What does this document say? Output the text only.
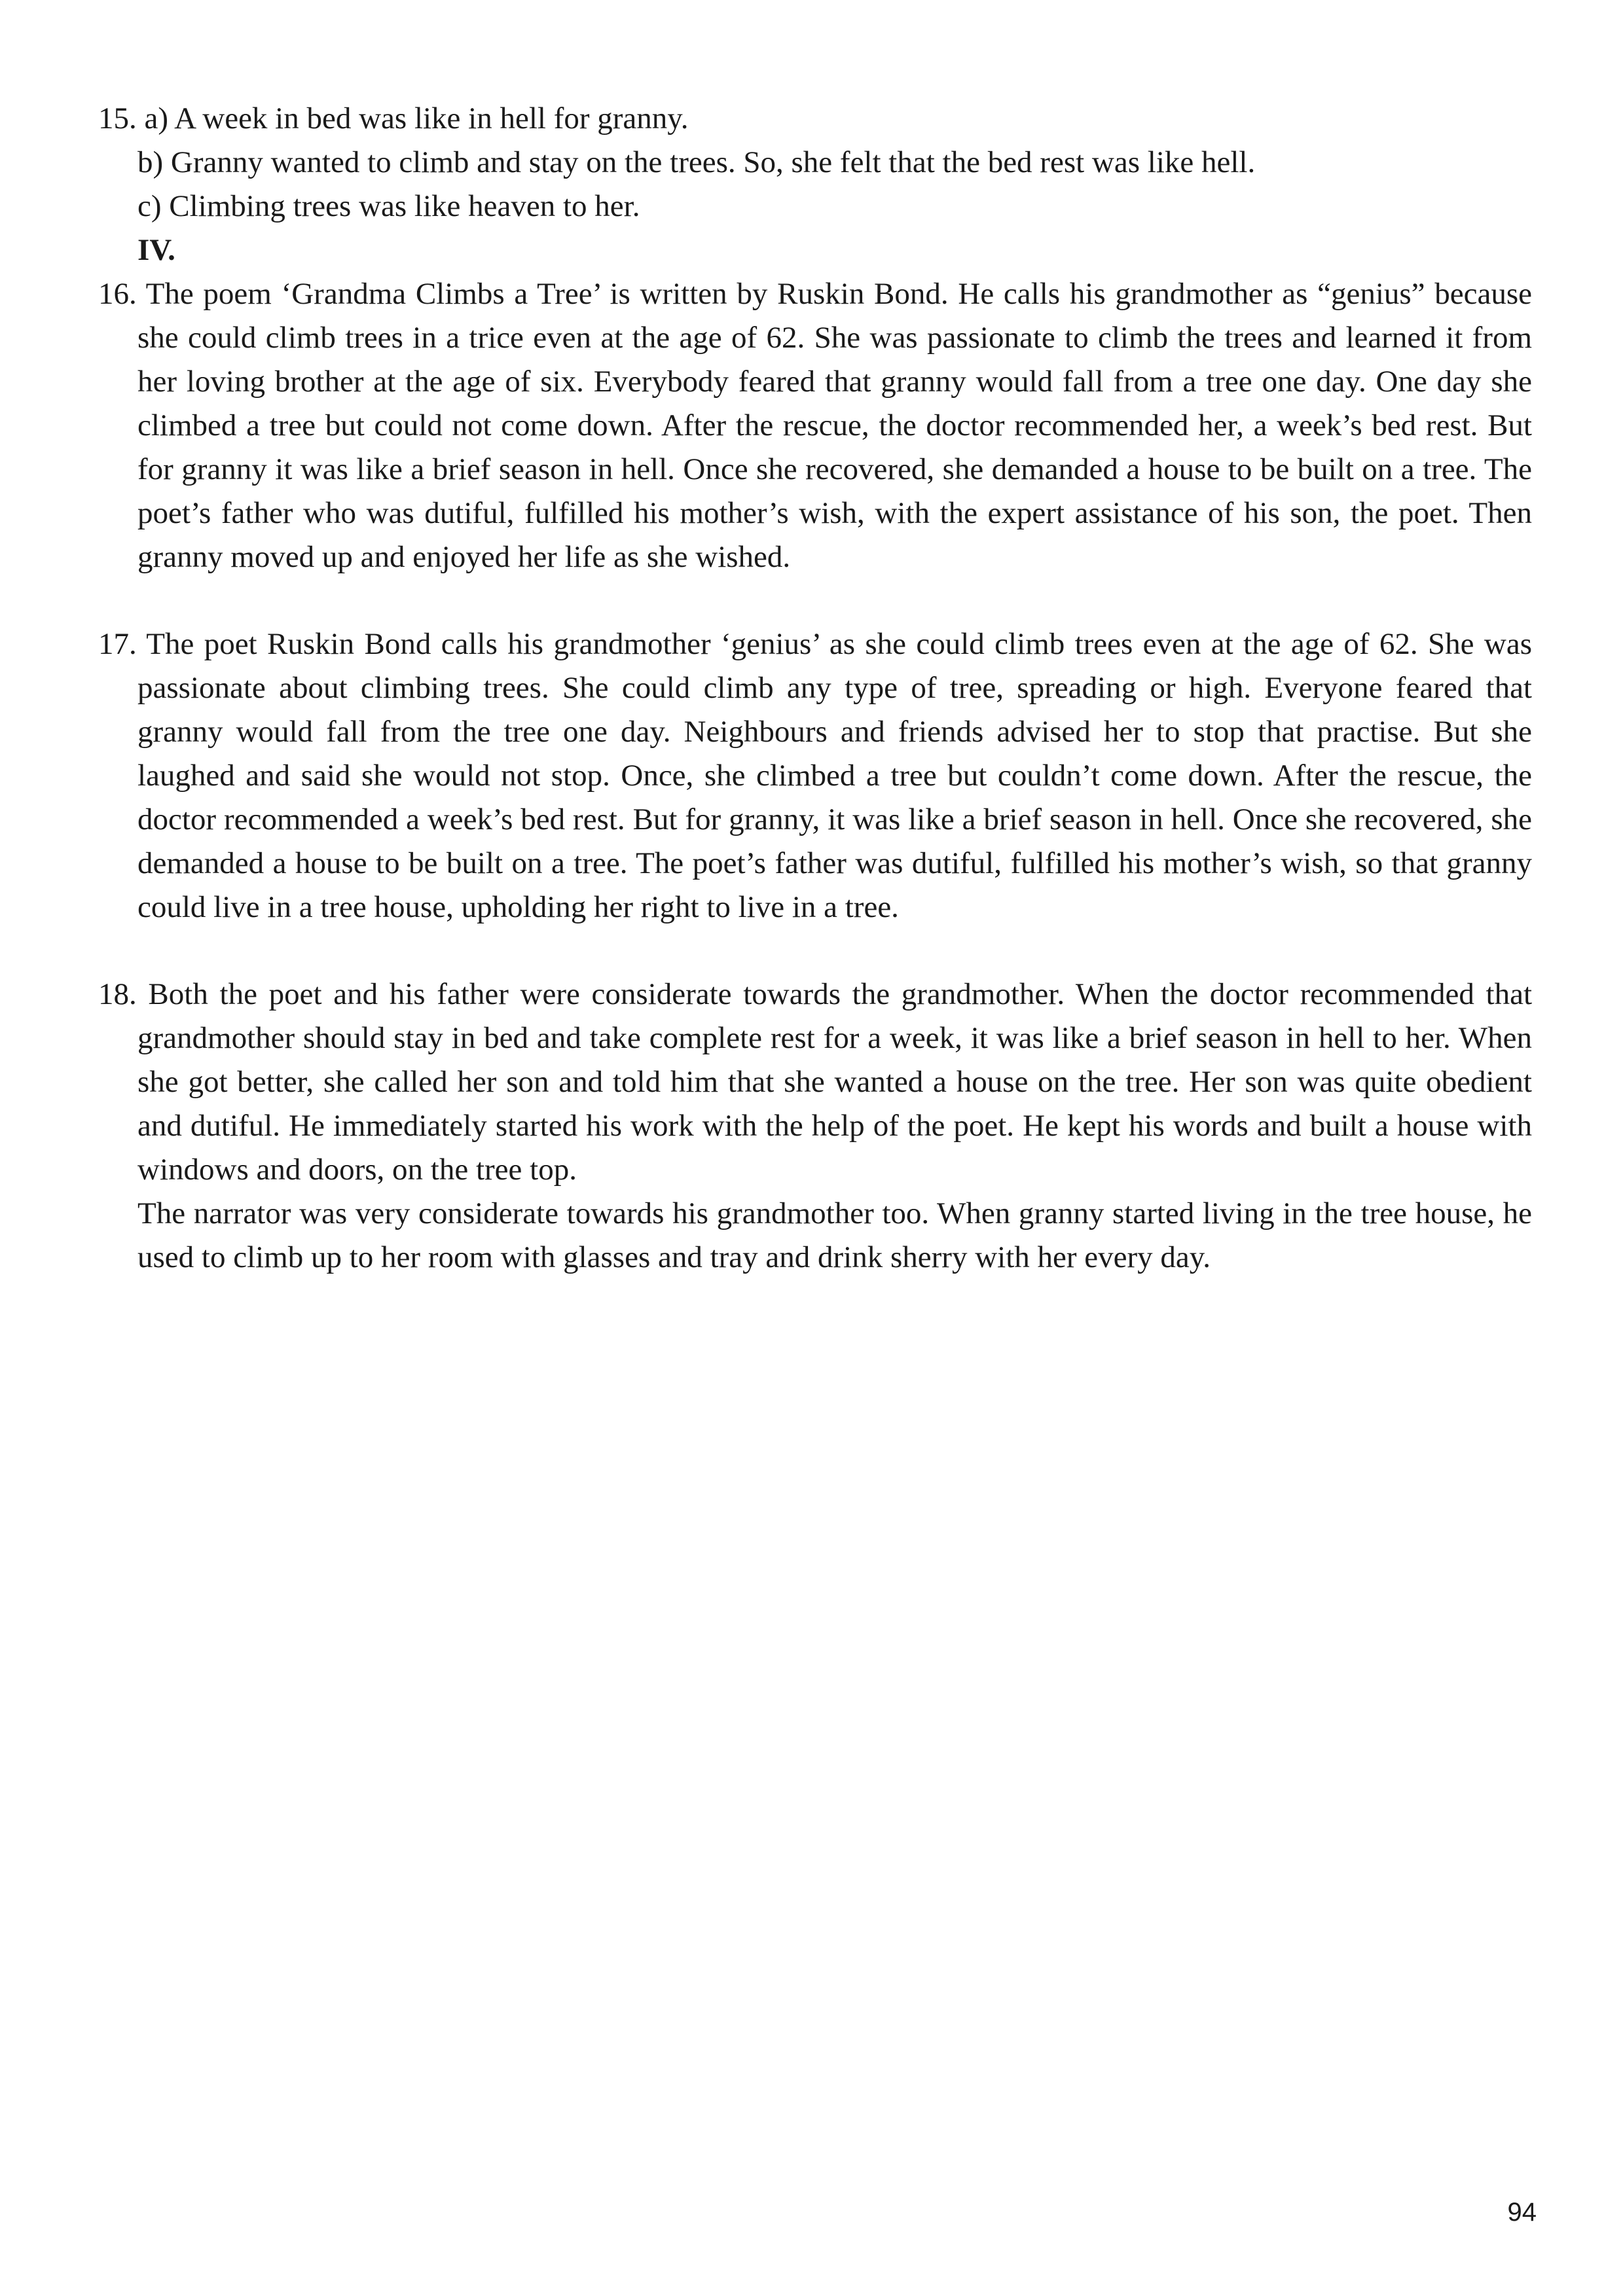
15. a) A week in bed was like in hell for granny.

b) Granny wanted to climb and stay on the trees. So, she felt that the bed rest was like hell.

c) Climbing trees was like heaven to her.

IV.

16. The poem ‘Grandma Climbs a Tree’ is written by Ruskin Bond. He calls his grandmother as “genius” because she could climb trees in a trice even at the age of 62. She was passionate to climb the trees and learned it from her loving brother at the age of six. Everybody feared that granny would fall from a tree one day. One day she climbed a tree but could not come down. After the rescue, the doctor recommended her, a week’s bed rest. But for granny it was like a brief season in hell. Once she recovered, she demanded a house to be built on a tree. The poet’s father who was dutiful, fulfilled his mother’s wish, with the expert assistance of his son, the poet. Then granny moved up and enjoyed her life as she wished.

17. The poet Ruskin Bond calls his grandmother ‘genius’ as she could climb trees even at the age of 62. She was passionate about climbing trees. She could climb any type of tree, spreading or high. Everyone feared that granny would fall from the tree one day. Neighbours and friends advised her to stop that practise. But she laughed and said she would not stop. Once, she climbed a tree but couldn’t come down. After the rescue, the doctor recommended a week’s bed rest. But for granny, it was like a brief season in hell. Once she recovered, she demanded a house to be built on a tree. The poet’s father was dutiful, fulfilled his mother’s wish, so that granny could live in a tree house, upholding her right to live in a tree.

18. Both the poet and his father were considerate towards the grandmother. When the doctor recommended that grandmother should stay in bed and take complete rest for a week, it was like a brief season in hell to her. When she got better, she called her son and told him that she wanted a house on the tree. Her son was quite obedient and dutiful. He immediately started his work with the help of the poet. He kept his words and built a house with windows and doors, on the tree top.

The narrator was very considerate towards his grandmother too. When granny started living in the tree house, he used to climb up to her room with glasses and tray and drink sherry with her every day.

94
